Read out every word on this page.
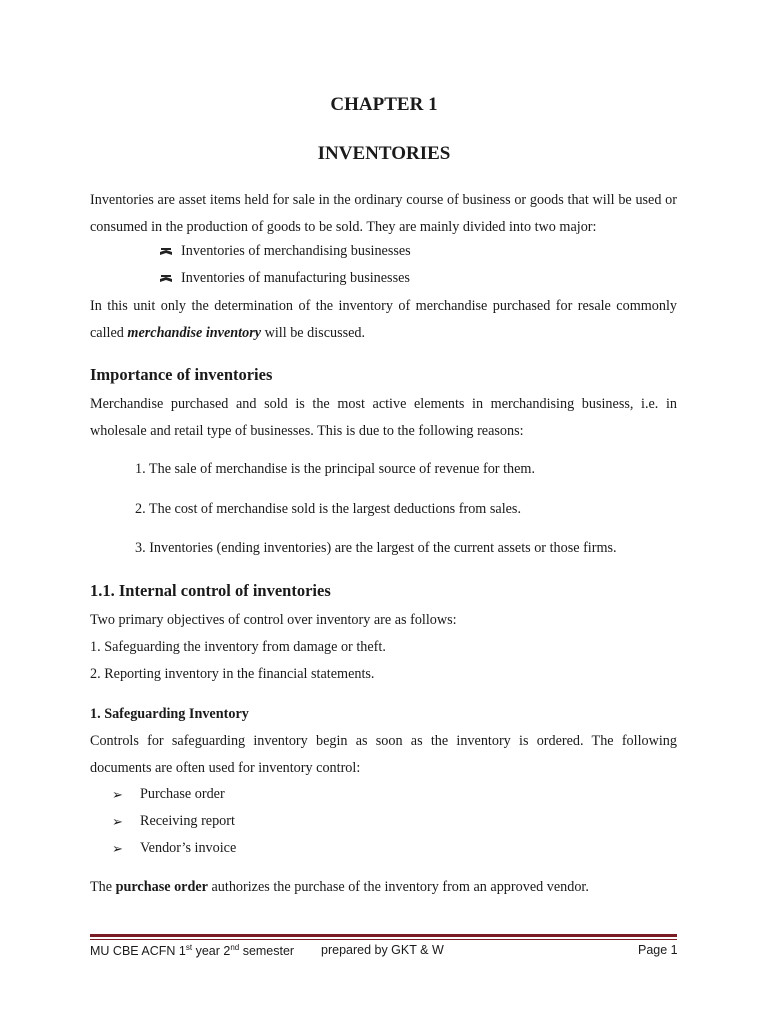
CHAPTER 1
INVENTORIES
Inventories are asset items held for sale in the ordinary course of business or goods that will be used or consumed in the production of goods to be sold. They are mainly divided into two major:
Inventories of merchandising businesses
Inventories of manufacturing businesses
In this unit only the determination of the inventory of merchandise purchased for resale commonly called merchandise inventory will be discussed.
Importance of inventories
Merchandise purchased and sold is the most active elements in merchandising business, i.e. in wholesale and retail type of businesses. This is due to the following reasons:
1. The sale of merchandise is the principal source of revenue for them.
2. The cost of merchandise sold is the largest deductions from sales.
3. Inventories (ending inventories) are the largest of the current assets or those firms.
1.1. Internal control of inventories
Two primary objectives of control over inventory are as follows:
1. Safeguarding the inventory from damage or theft.
2. Reporting inventory in the financial statements.
1. Safeguarding Inventory
Controls for safeguarding inventory begin as soon as the inventory is ordered. The following documents are often used for inventory control:
➢ Purchase order
➢ Receiving report
➢ Vendor’s invoice
The purchase order authorizes the purchase of the inventory from an approved vendor.
MU CBE ACFN 1st year 2nd semester prepared by GKT & W	Page 1
